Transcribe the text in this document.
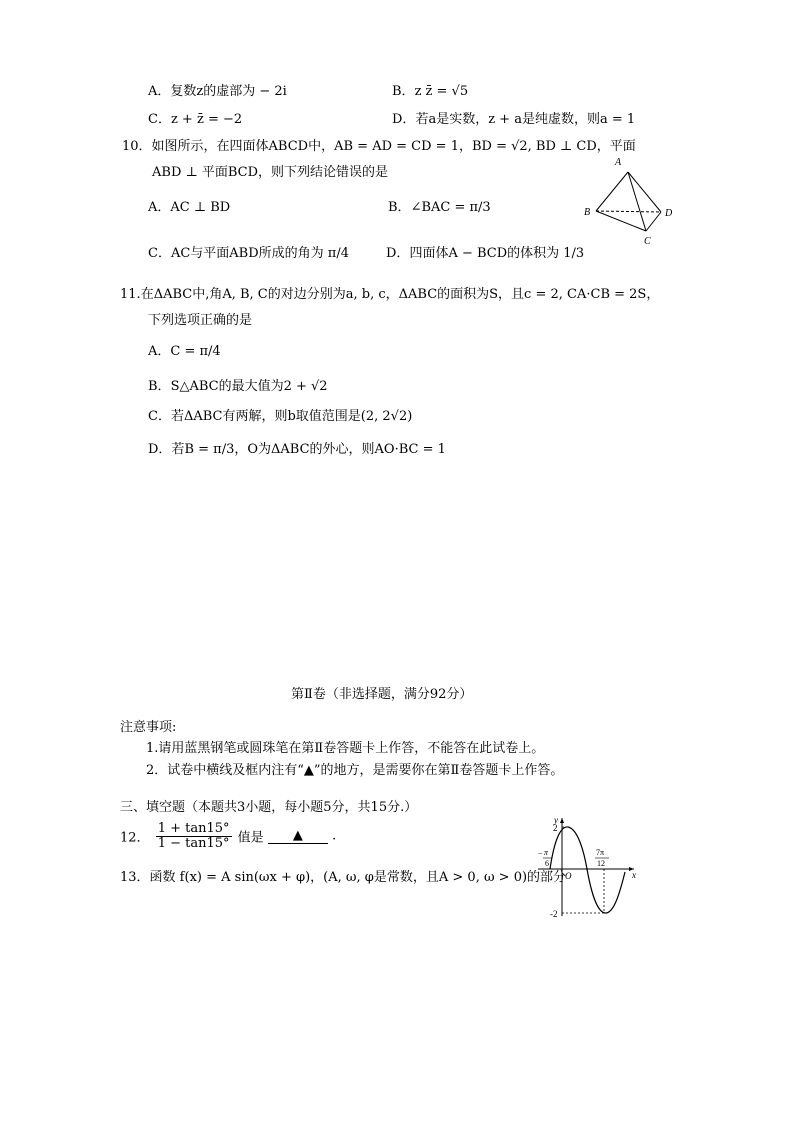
A．复数z的虚部为 − 2i	B．z z̄ = √5
C．z + z̄ = −2	D．若a是实数，z + a是纯虚数，则a = 1
10．如图所示，在四面体ABCD中，AB = AD = CD = 1，BD = √2, BD ⊥ CD，平面
ABD ⊥ 平面BCD，则下列结论错误的是
A．AC ⊥ BD	B．∠BAC = π/3
C．AC与平面ABD所成的角为 π/4	D．四面体A − BCD的体积为 1/3
A
B	D
C
11.在ΔABC中,角A, B, C的对边分别为a, b, c，ΔABC的面积为S，且c = 2, CA·CB = 2S，
下列选项正确的是
A．C = π/4
B．S△ABC的最大值为2 + √2
C．若ΔABC有两解，则b取值范围是(2, 2√2)
D．若B = π/3，O为ΔABC的外心，则AO·BC = 1
第Ⅱ卷（非选择题，满分92分）
注意事项:
1.请用蓝黑钢笔或圆珠笔在第Ⅱ卷答题卡上作答，不能答在此试卷上。
2．试卷中横线及框内注有“▲”的地方，是需要你在第Ⅱ卷答题卡上作答。
三、填空题（本题共3小题，每小题5分，共15分.）
12． $\frac{1 + \tan 15^\circ}{1 - \tan 15^\circ}$ 值是 ▲ .
13．函数 f(x) = A sin(ωx + φ)，(A, ω, φ是常数，且A > 0, ω > 0)的部分
y
x
O
2
-2
− π
6
7π
12
